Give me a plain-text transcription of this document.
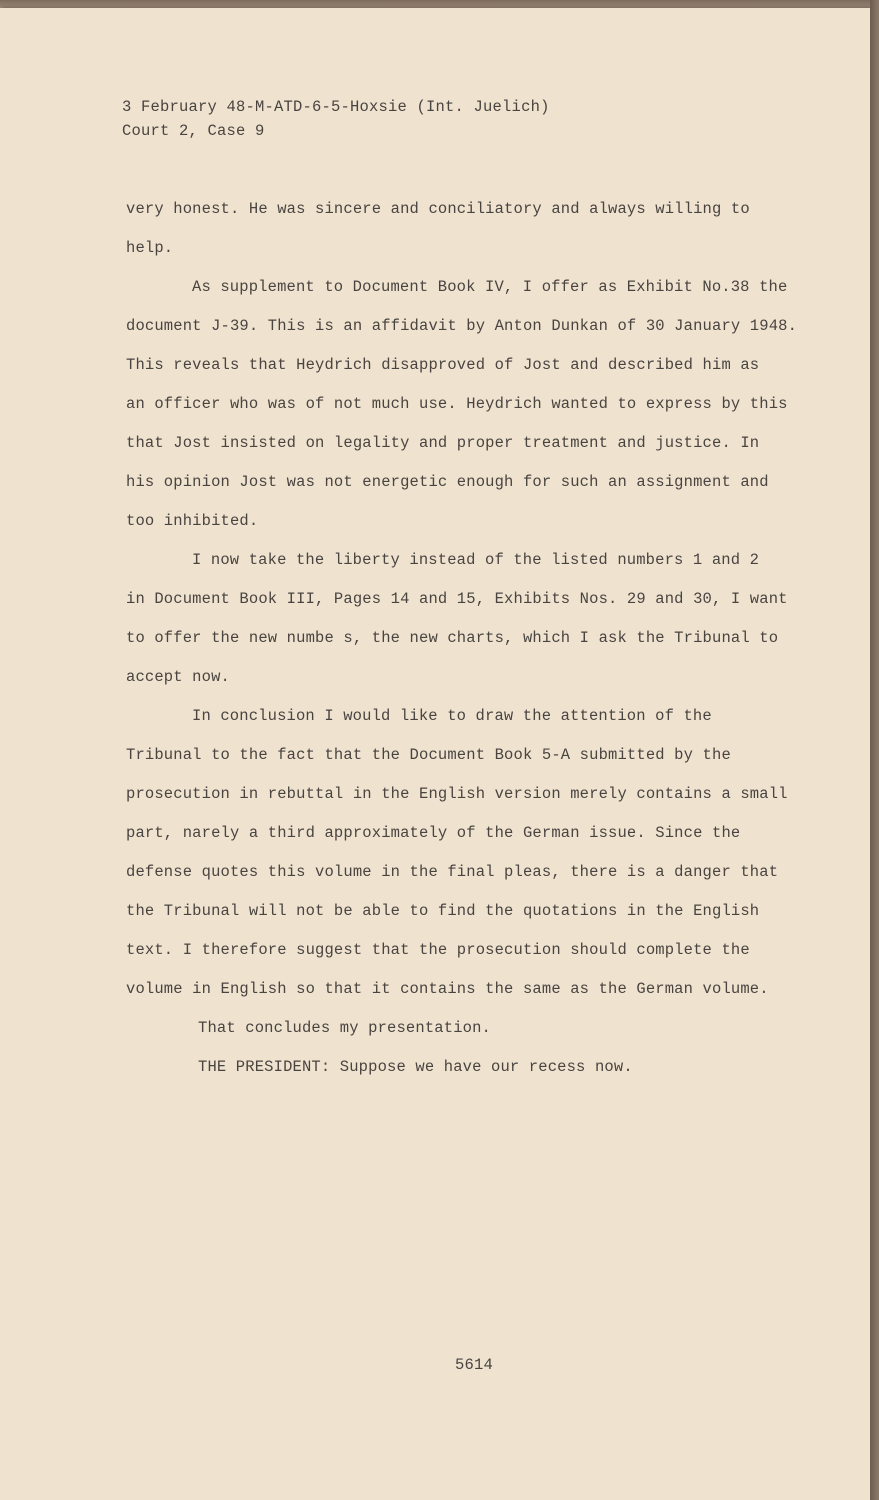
3 February 48-M-ATD-6-5-Hoxsie (Int. Juelich)
Court 2, Case 9
very honest. He was sincere and conciliatory and always willing to
help.
As supplement to Document Book IV, I offer as Exhibit No.38 the
document J-39. This is an affidavit by Anton Dunkan of 30 January 1948.
This reveals that Heydrich disapproved of Jost and described him as
an officer who was of not much use. Heydrich wanted to express by this
that Jost insisted on legality and proper treatment and justice. In
his opinion Jost was not energetic enough for such an assignment and
too inhibited.
I now take the liberty instead of the listed numbers 1 and 2
in Document Book III, Pages 14 and 15, Exhibits Nos. 29 and 30, I want
to offer the new numbe s, the new charts, which I ask the Tribunal to
accept now.
In conclusion I would like to draw the attention of the
Tribunal to the fact that the Document Book 5-A submitted by the
prosecution in rebuttal in the English version merely contains a small
part, narely a third approximately of the German issue. Since the
defense quotes this volume in the final pleas, there is a danger that
the Tribunal will not be able to find the quotations in the English
text. I therefore suggest that the prosecution should complete the
volume in English so that it contains the same as the German volume.
That concludes my presentation.
THE PRESIDENT: Suppose we have our recess now.
5614
